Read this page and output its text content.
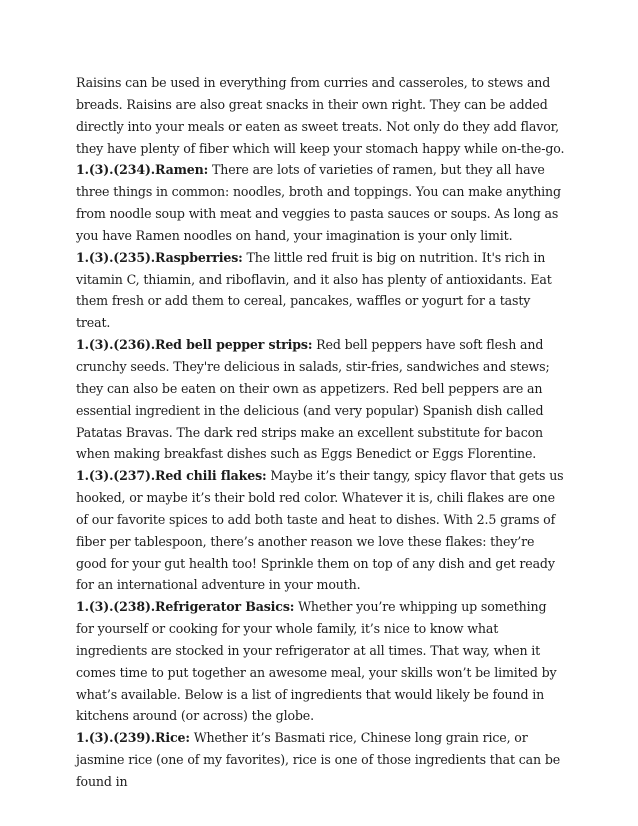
Raisins can be used in everything from curries and casseroles, to stews and breads. Raisins are also great snacks in their own right. They can be added directly into your meals or eaten as sweet treats. Not only do they add flavor, they have plenty of fiber which will keep your stomach happy while on-the-go.

1.(3).(234).Ramen: There are lots of varieties of ramen, but they all have three things in common: noodles, broth and toppings. You can make anything from noodle soup with meat and veggies to pasta sauces or soups. As long as you have Ramen noodles on hand, your imagination is your only limit.

1.(3).(235).Raspberries: The little red fruit is big on nutrition. It's rich in vitamin C, thiamin, and riboflavin, and it also has plenty of antioxidants. Eat them fresh or add them to cereal, pancakes, waffles or yogurt for a tasty treat.

1.(3).(236).Red bell pepper strips: Red bell peppers have soft flesh and crunchy seeds. They're delicious in salads, stir-fries, sandwiches and stews; they can also be eaten on their own as appetizers. Red bell peppers are an essential ingredient in the delicious (and very popular) Spanish dish called Patatas Bravas. The dark red strips make an excellent substitute for bacon when making breakfast dishes such as Eggs Benedict or Eggs Florentine.

1.(3).(237).Red chili flakes: Maybe it’s their tangy, spicy flavor that gets us hooked, or maybe it’s their bold red color. Whatever it is, chili flakes are one of our favorite spices to add both taste and heat to dishes. With 2.5 grams of fiber per tablespoon, there’s another reason we love these flakes: they’re good for your gut health too! Sprinkle them on top of any dish and get ready for an international adventure in your mouth.

1.(3).(238).Refrigerator Basics: Whether you’re whipping up something for yourself or cooking for your whole family, it’s nice to know what ingredients are stocked in your refrigerator at all times. That way, when it comes time to put together an awesome meal, your skills won’t be limited by what’s available. Below is a list of ingredients that would likely be found in kitchens around (or across) the globe.

1.(3).(239).Rice: Whether it’s Basmati rice, Chinese long grain rice, or jasmine rice (one of my favorites), rice is one of those ingredients that can be found in
